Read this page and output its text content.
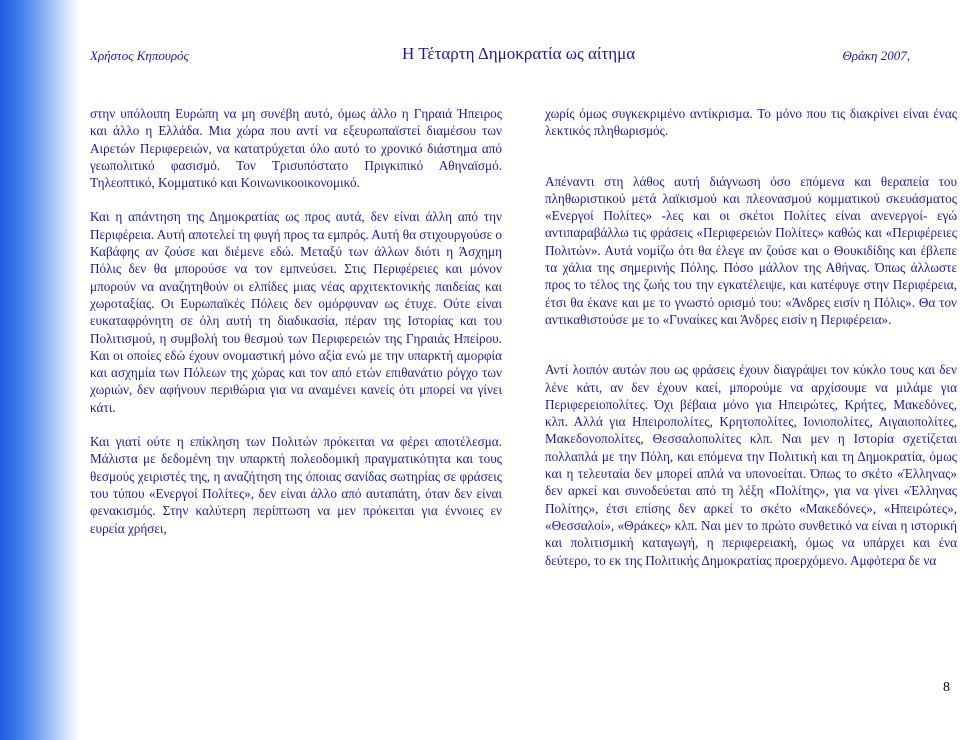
Χρήστος Κηπουρός	Η Τέταρτη Δημοκρατία ως αίτημα	Θράκη 2007,

στην υπόλοιπη Ευρώπη να μη συνέβη αυτό, όμως άλλο η Γηραιά Ήπειρος και άλλο η Ελλάδα. Μια χώρα που αντί να εξευρωπαϊστεί διαμέσου των Αιρετών Περιφερειών, να κατατρύχεται όλο αυτό το χρονικό διάστημα από γεωπολιτικό φασισμό. Τον Τρισυπόστατο Πριγκιπικό Αθηναϊσμό. Τηλεοπτικό, Κομματικό και Κοινωνικοοικονομικό.

Και η απάντηση της Δημοκρατίας ως προς αυτά, δεν είναι άλλη από την Περιφέρεια. Αυτή αποτελεί τη φυγή προς τα εμπρός. Αυτή θα στιχουργούσε ο Καβάφης αν ζούσε και διέμενε εδώ. Μεταξύ των άλλων διότι η Άσχημη Πόλις δεν θα μπορούσε να τον εμπνεύσει. Στις Περιφέρειες και μόνον μπορούν να αναζητηθούν οι ελπίδες μιας νέας αρχιτεκτονικής παιδείας και χωροταξίας. Οι Ευρωπαϊκές Πόλεις δεν ομόρφυναν ως έτυχε. Ούτε είναι ευκαταφρόνητη σε όλη αυτή τη διαδικασία, πέραν της Ιστορίας και του Πολιτισμού, η συμβολή του θεσμού των Περιφερειών της Γηραιάς Ηπείρου. Και οι οποίες εδώ έχουν ονομαστική μόνο αξία ενώ με την υπαρκτή αμορφία και ασχημία των Πόλεων της χώρας και τον από ετών επιθανάτιο ρόγχο των χωριών, δεν αφήνουν περιθώρια για να αναμένει κανείς ότι μπορεί να γίνει κάτι.

Και γιατί ούτε η επίκληση των Πολιτών πρόκειται να φέρει αποτέλεσμα. Μάλιστα με δεδομένη την υπαρκτή πολεοδομική πραγματικότητα και τους θεσμούς χειριστές της, η αναζήτηση της όποιας σανίδας σωτηρίας σε φράσεις του τύπου «Ενεργοί Πολίτες», δεν είναι άλλο από αυταπάτη, όταν δεν είναι φενακισμός. Στην καλύτερη περίπτωση να μεν πρόκειται για έννοιες εν ευρεία χρήσει,

χωρίς όμως συγκεκριμένο αντίκρισμα. Το μόνο που τις διακρίνει είναι ένας λεκτικός πληθωρισμός.

Απέναντι στη λάθος αυτή διάγνωση όσο επόμενα και θεραπεία του πληθωριστικού μετά λαϊκισμού και πλεονασμού κομματικού σκευάσματος «Ενεργοί Πολίτες» -λες και οι σκέτοι Πολίτες είναι ανενεργοί- εγώ αντιπαραβάλλω τις φράσεις «Περιφερειών Πολίτες» καθώς και «Περιφέρειες Πολιτών». Αυτά νομίζω ότι θα έλεγε αν ζούσε και ο Θουκιδίδης και έβλεπε τα χάλια της σημερινής Πόλης. Πόσο μάλλον της Αθήνας. Όπως άλλωστε προς το τέλος της ζωής του την εγκατέλειψε, και κατέφυγε στην Περιφέρεια, έτσι θα έκανε και με το γνωστό ορισμό του: «Άνδρες εισίν η Πόλις». Θα τον αντικαθιστούσε με το «Γυναίκες και Άνδρες εισίν η Περιφέρεια».

Αντί λοιπόν αυτών που ως φράσεις έχουν διαγράψει τον κύκλο τους και δεν λένε κάτι, αν δεν έχουν καεί, μπορούμε να αρχίσουμε να μιλάμε για Περιφερειοπολίτες. Όχι βέβαια μόνο για Ηπειρώτες, Κρήτες, Μακεδόνες, κλπ. Αλλά για Ηπειροπολίτες, Κρητοπολίτες, Ιονιοπολίτες, Αιγαιοπολίτες, Μακεδονοπολίτες, Θεσσαλοπολίτες κλπ. Ναι μεν η Ιστορία σχετίζεται πολλαπλά με την Πόλη, και επόμενα την Πολιτική και τη Δημοκρατία, όμως και η τελευταία δεν μπορεί απλά να υπονοείται. Όπως το σκέτο «Έλληνας» δεν αρκεί και συνοδεύεται από τη λέξη «Πολίτης», για να γίνει «Έλληνας Πολίτης», έτσι επίσης δεν αρκεί το σκέτο «Μακεδόνες», «Ηπειρώτες», «Θεσσαλοί», «Θράκες» κλπ. Ναι μεν το πρώτο συνθετικό να είναι η ιστορική και πολιτισμική καταγωγή, η περιφερειακή, όμως να υπάρχει και ένα δεύτερο, το εκ της Πολιτικής Δημοκρατίας προερχόμενο. Αμφότερα δε να

8
